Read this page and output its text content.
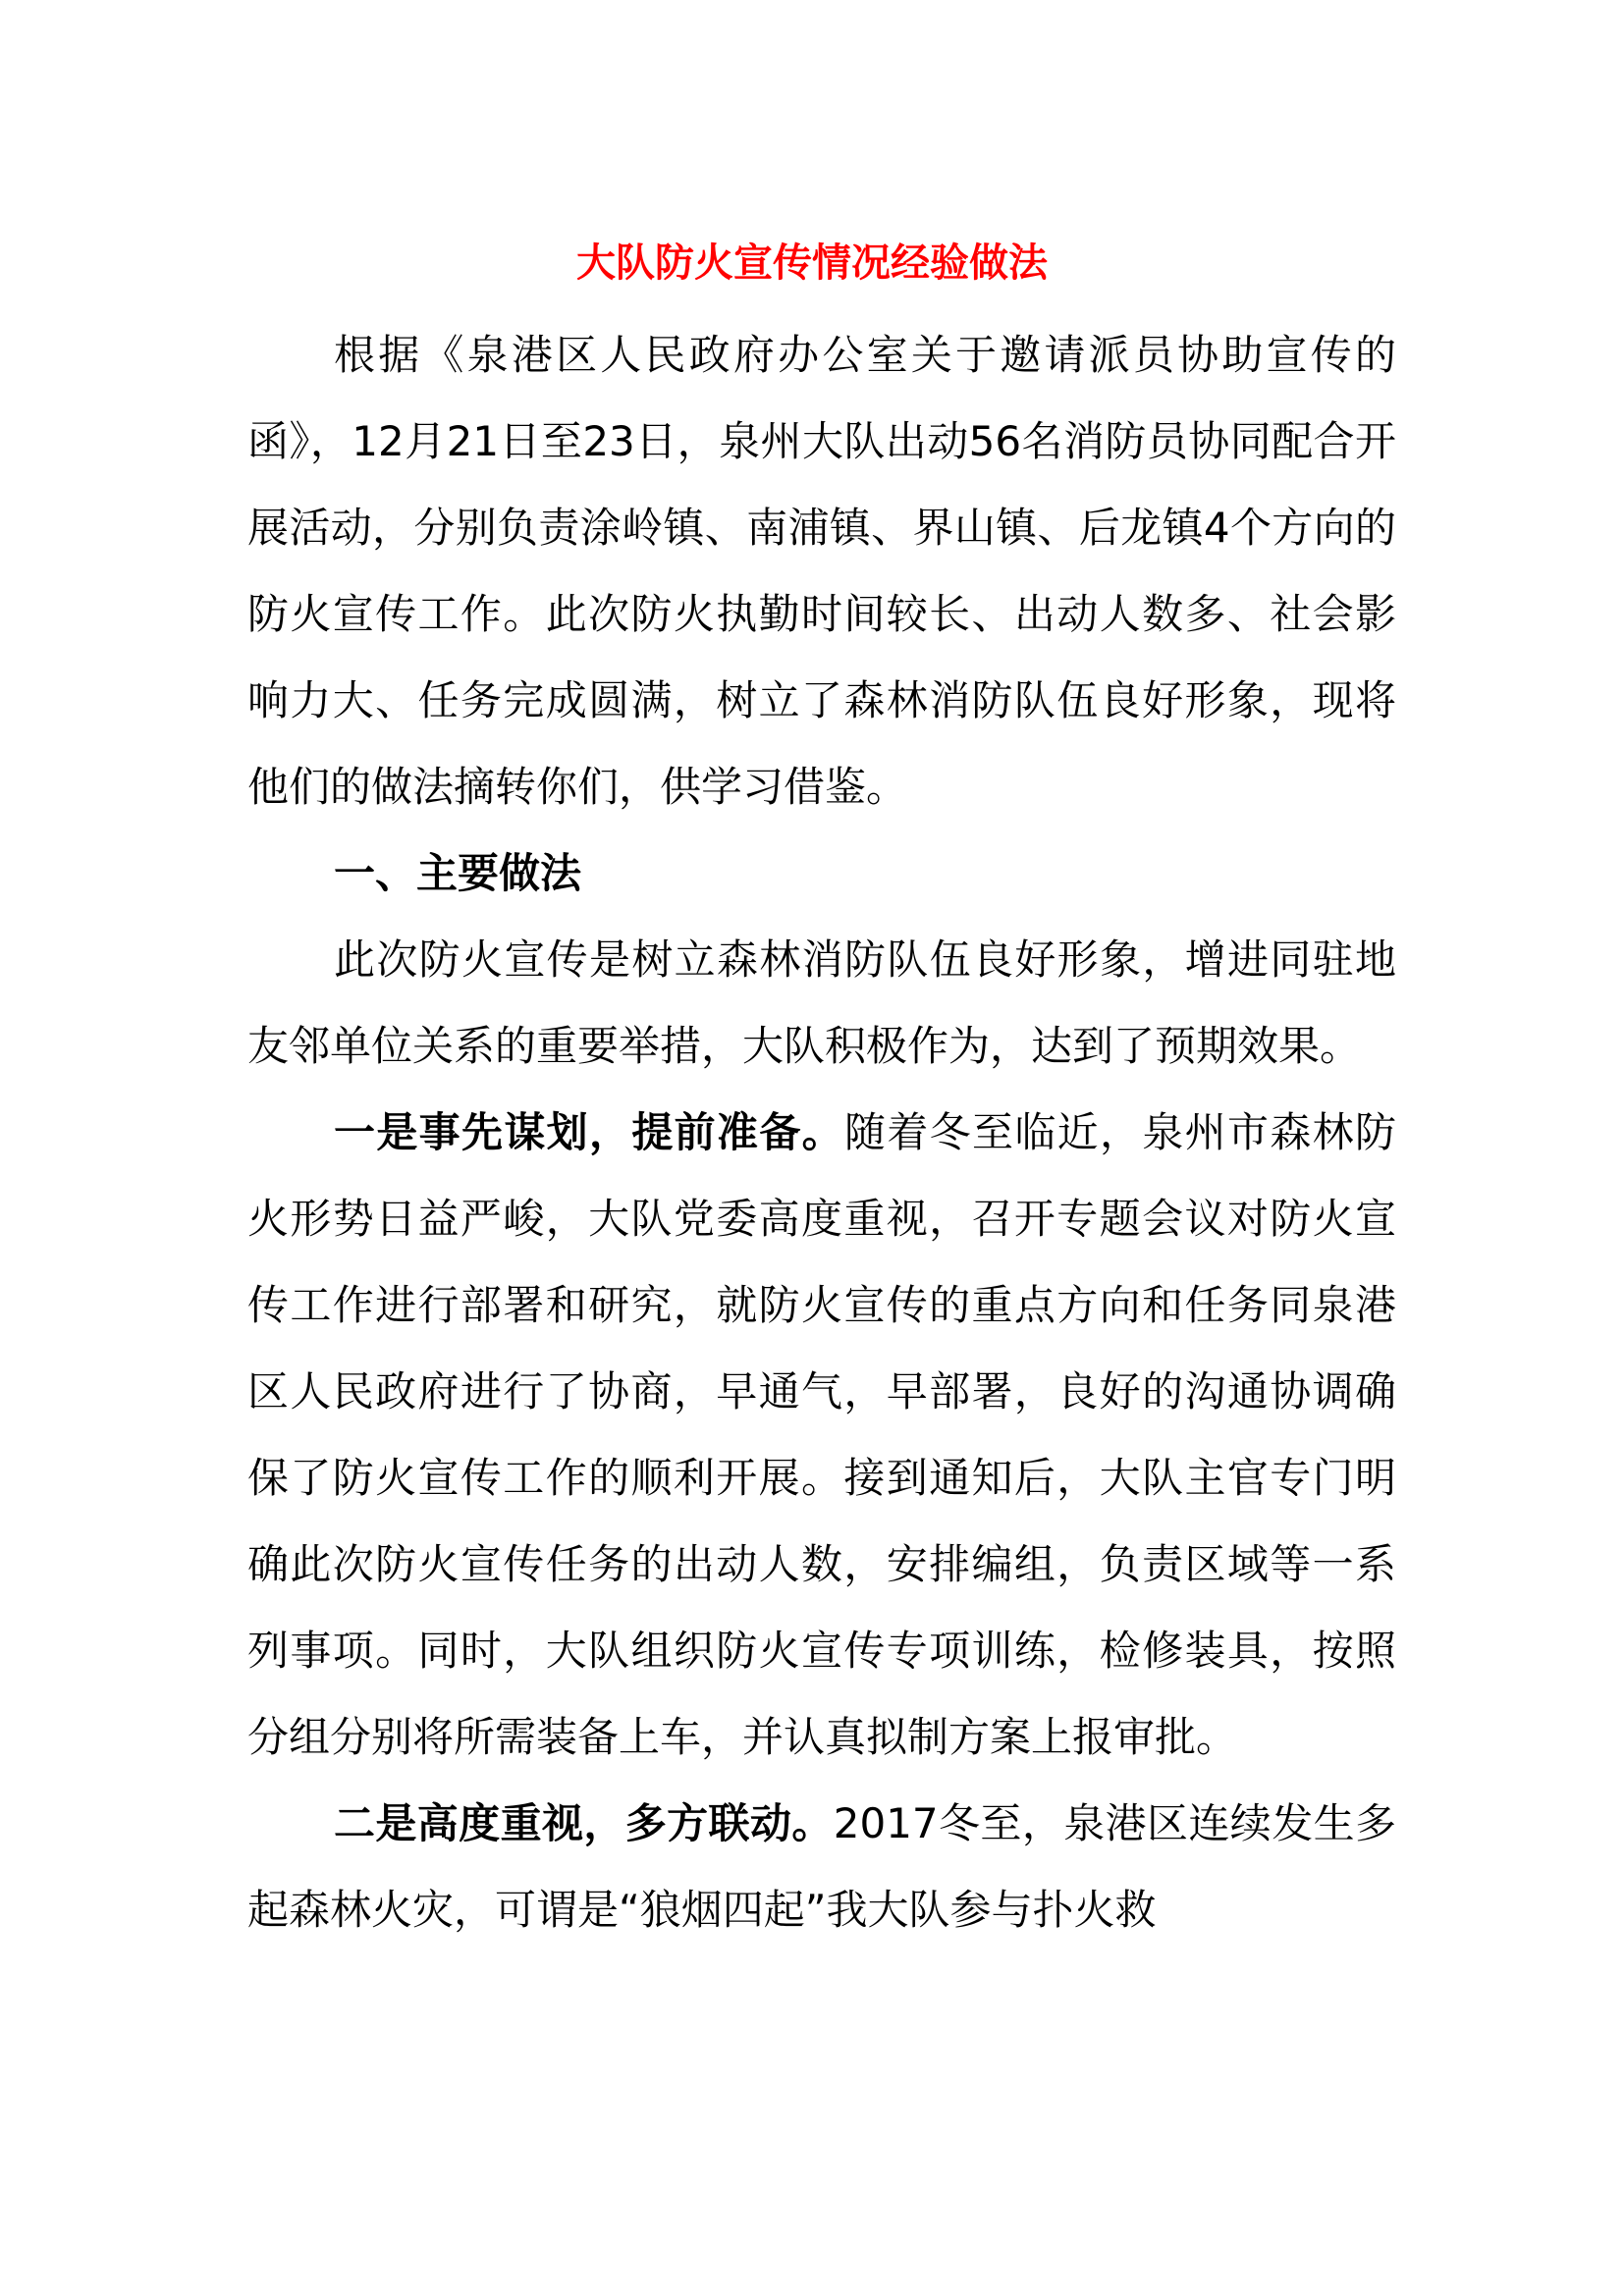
大队防火宣传情况经验做法

根据《泉港区人民政府办公室关于邀请派员协助宣传的函》，12月21日至23日，泉州大队出动56名消防员协同配合开展活动，分别负责涂岭镇、南浦镇、界山镇、后龙镇4个方向的防火宣传工作。此次防火执勤时间较长、出动人数多、社会影响力大、任务完成圆满，树立了森林消防队伍良好形象，现将他们的做法摘转你们，供学习借鉴。

一、主要做法

此次防火宣传是树立森林消防队伍良好形象，增进同驻地友邻单位关系的重要举措，大队积极作为，达到了预期效果。

一是事先谋划，提前准备。随着冬至临近，泉州市森林防火形势日益严峻，大队党委高度重视，召开专题会议对防火宣传工作进行部署和研究，就防火宣传的重点方向和任务同泉港区人民政府进行了协商，早通气，早部署，良好的沟通协调确保了防火宣传工作的顺利开展。接到通知后，大队主官专门明确此次防火宣传任务的出动人数，安排编组，负责区域等一系列事项。同时，大队组织防火宣传专项训练，检修装具，按照分组分别将所需装备上车，并认真拟制方案上报审批。

二是高度重视，多方联动。2017冬至，泉港区连续发生多起森林火灾，可谓是“狼烟四起”我大队参与扑火救
